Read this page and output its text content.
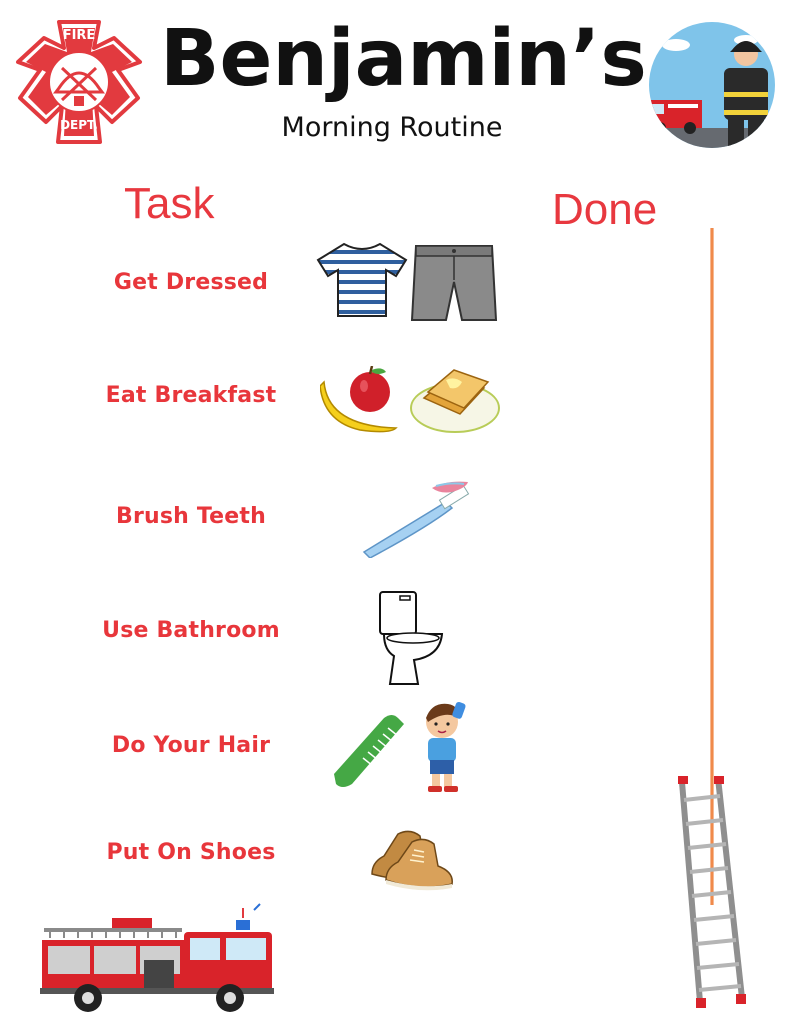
FIRE
DEPT.
Benjamin’s
Morning Routine
Task	Done
Get Dressed
Eat Breakfast
Brush Teeth
Use Bathroom
Do Your Hair
Put On Shoes
